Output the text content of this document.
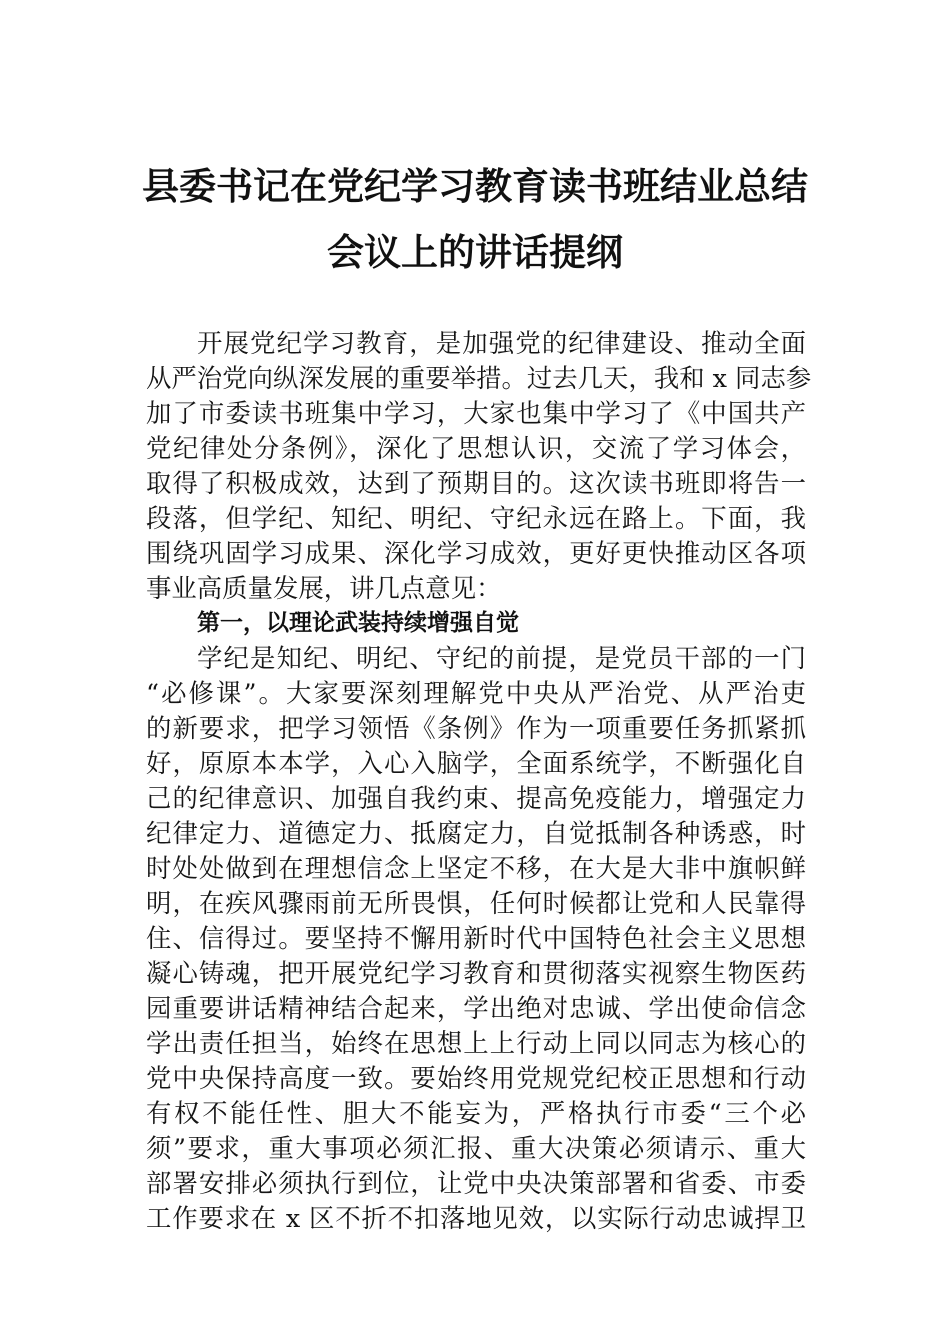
县委书记在党纪学习教育读书班结业总结
会议上的讲话提纲
开展党纪学习教育，是加强党的纪律建设、推动全面
从严治党向纵深发展的重要举措。过去几天，我和 x 同志参
加了市委读书班集中学习，大家也集中学习了《中国共产
党纪律处分条例》，深化了思想认识，交流了学习体会，
取得了积极成效，达到了预期目的。这次读书班即将告一
段落，但学纪、知纪、明纪、守纪永远在路上。下面，我
围绕巩固学习成果、深化学习成效，更好更快推动区各项
事业高质量发展，讲几点意见：
第一，以理论武装持续增强自觉
学纪是知纪、明纪、守纪的前提，是党员干部的一门
“必修课”。大家要深刻理解党中央从严治党、从严治吏
的新要求，把学习领悟《条例》作为一项重要任务抓紧抓
好，原原本本学，入心入脑学，全面系统学，不断强化自
己的纪律意识、加强自我约束、提高免疫能力，增强定力
纪律定力、道德定力、抵腐定力，自觉抵制各种诱惑，时
时处处做到在理想信念上坚定不移，在大是大非中旗帜鲜
明，在疾风骤雨前无所畏惧，任何时候都让党和人民靠得
住、信得过。要坚持不懈用新时代中国特色社会主义思想
凝心铸魂，把开展党纪学习教育和贯彻落实视察生物医药
园重要讲话精神结合起来，学出绝对忠诚、学出使命信念
学出责任担当，始终在思想上上行动上同以同志为核心的
党中央保持高度一致。要始终用党规党纪校正思想和行动
有权不能任性、胆大不能妄为，严格执行市委“三个必
须”要求，重大事项必须汇报、重大决策必须请示、重大
部署安排必须执行到位，让党中央决策部署和省委、市委
工作要求在 x 区不折不扣落地见效，以实际行动忠诚捍卫
